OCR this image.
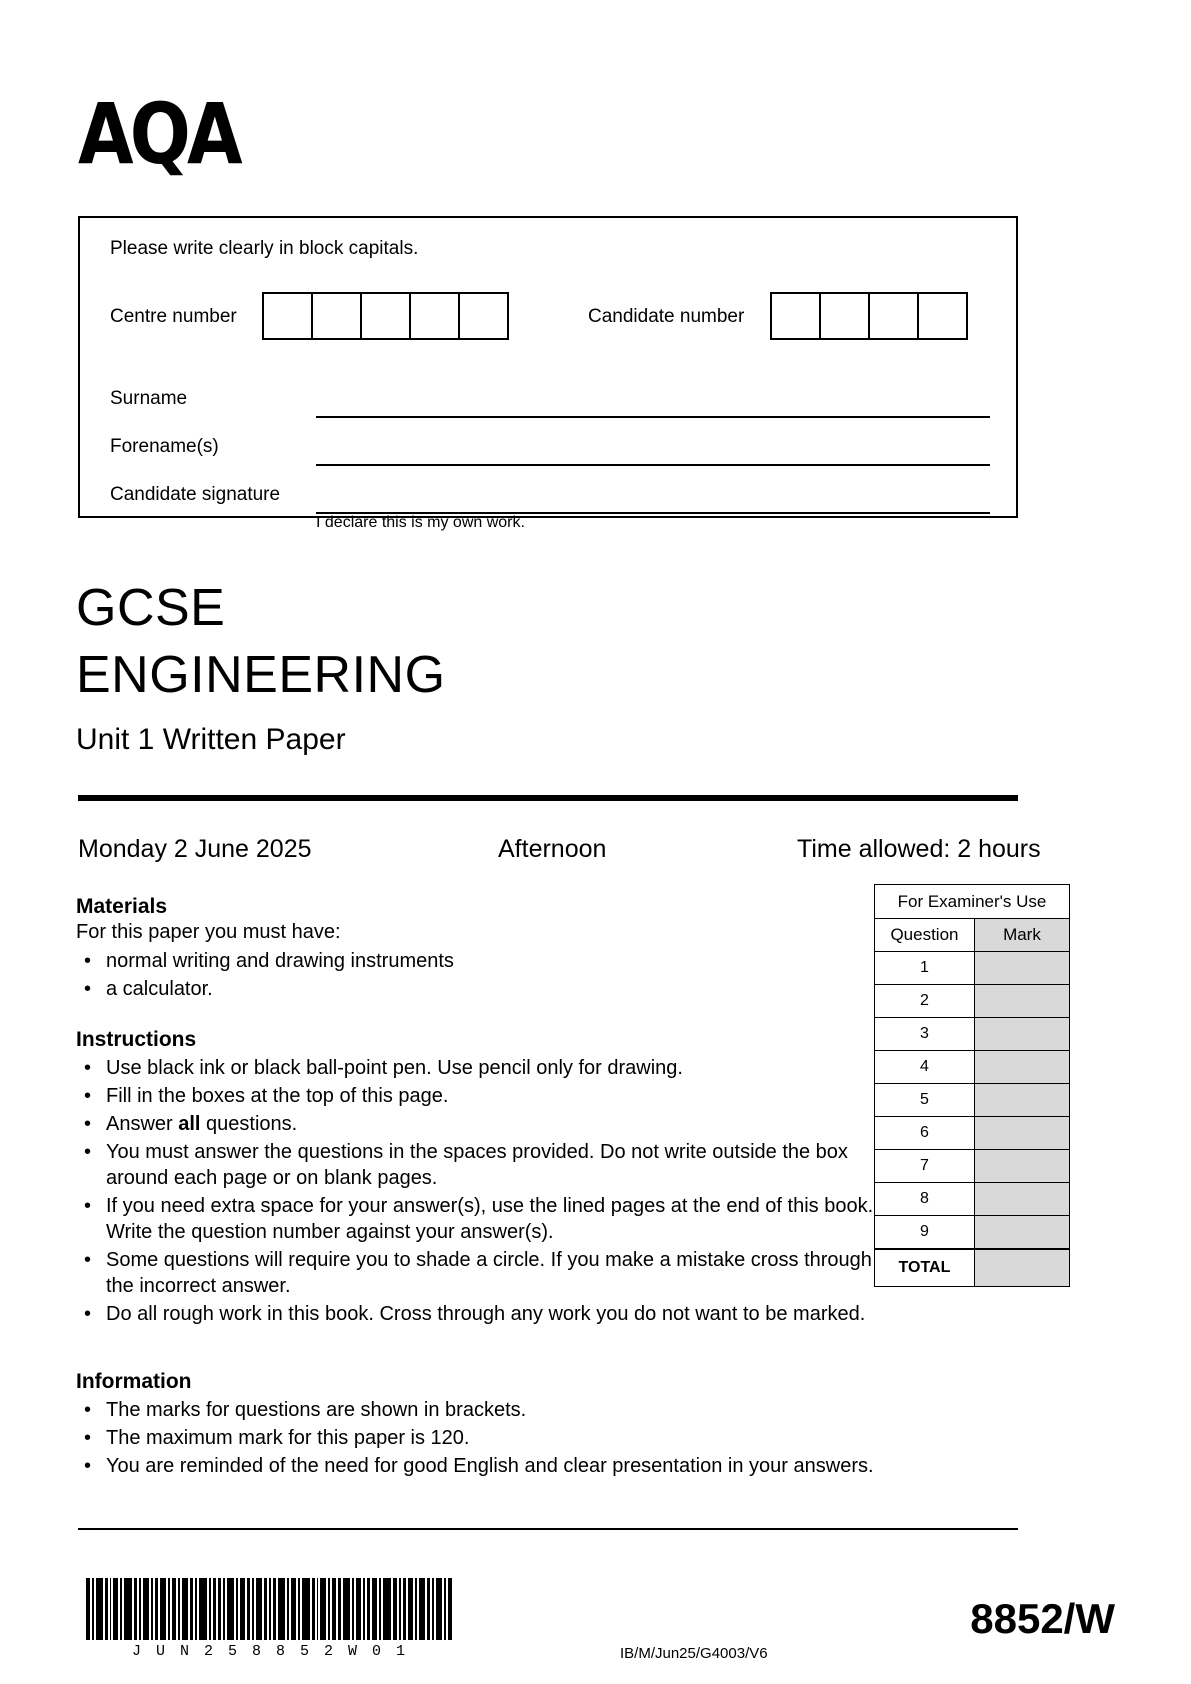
AQA
Please write clearly in block capitals.
Centre number	Candidate number
Surname
Forename(s)
Candidate signature
I declare this is my own work.
GCSE
ENGINEERING
Unit 1 Written Paper
Monday 2 June 2025	Afternoon	Time allowed: 2 hours
Materials
For this paper you must have:
• normal writing and drawing instruments
• a calculator.
Instructions
• Use black ink or black ball-point pen. Use pencil only for drawing.
• Fill in the boxes at the top of this page.
• Answer all questions.
• You must answer the questions in the spaces provided. Do not write outside the box around each page or on blank pages.
• If you need extra space for your answer(s), use the lined pages at the end of this book. Write the question number against your answer(s).
• Some questions will require you to shade a circle. If you make a mistake cross through the incorrect answer.
• Do all rough work in this book. Cross through any work you do not want to be marked.
Information
• The marks for questions are shown in brackets.
• The maximum mark for this paper is 120.
• You are reminded of the need for good English and clear presentation in your answers.
For Examiner's Use	
Question	Mark
1	
2	
3	
4	
5	
6	
7	
8	
9	
TOTAL	
J U N 2 5 8 8 5 2 W 0 1	IB/M/Jun25/G4003/V6
8852/W
